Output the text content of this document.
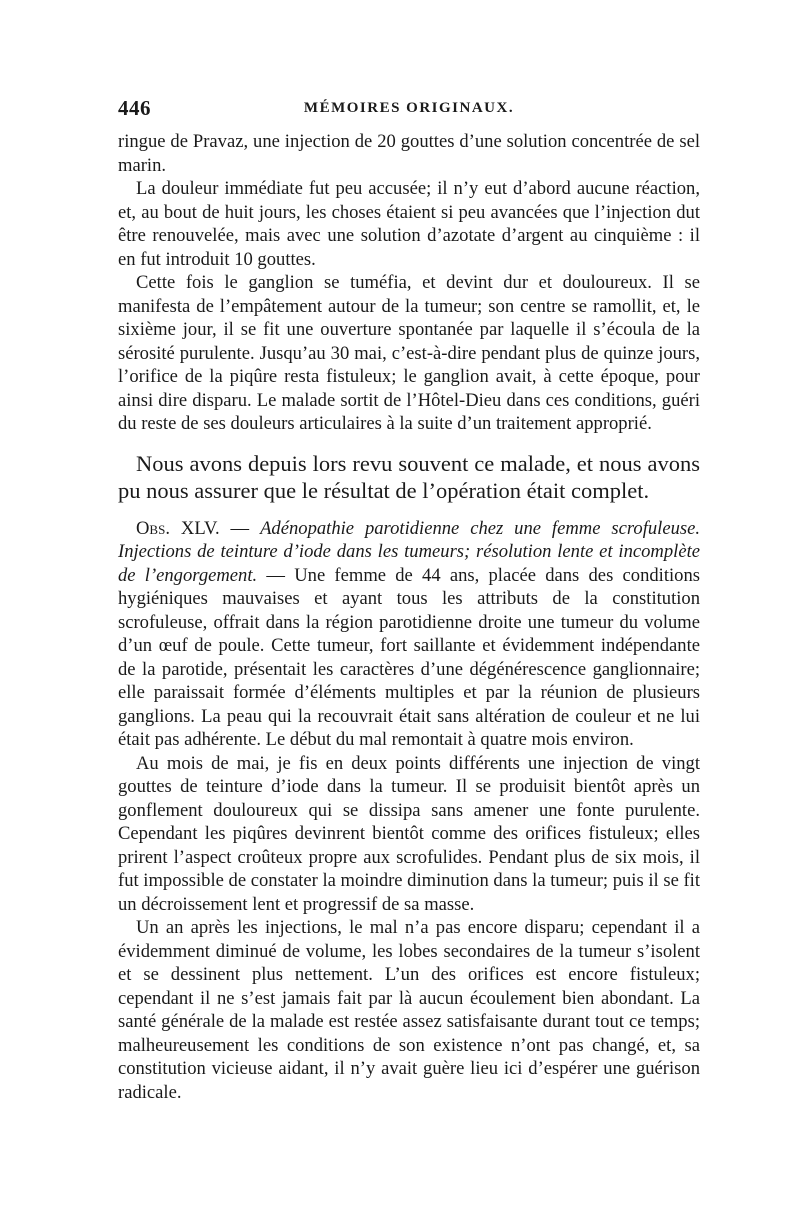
446	MÉMOIRES ORIGINAUX.

ringue de Pravaz, une injection de 20 gouttes d’une solution concentrée de sel marin.

La douleur immédiate fut peu accusée; il n’y eut d’abord aucune réaction, et, au bout de huit jours, les choses étaient si peu avancées que l’injection dut être renouvelée, mais avec une solution d’azotate d’argent au cinquième : il en fut introduit 10 gouttes.

Cette fois le ganglion se tuméfia, et devint dur et douloureux. Il se manifesta de l’empâtement autour de la tumeur; son centre se ramollit, et, le sixième jour, il se fit une ouverture spontanée par laquelle il s’écoula de la sérosité purulente. Jusqu’au 30 mai, c’est-à-dire pendant plus de quinze jours, l’orifice de la piqûre resta fistuleux; le ganglion avait, à cette époque, pour ainsi dire disparu. Le malade sortit de l’Hôtel-Dieu dans ces conditions, guéri du reste de ses douleurs articulaires à la suite d’un traitement approprié.

Nous avons depuis lors revu souvent ce malade, et nous avons pu nous assurer que le résultat de l’opération était complet.

Obs. XLV. — Adénopathie parotidienne chez une femme scrofuleuse. Injections de teinture d’iode dans les tumeurs; résolution lente et incomplète de l’engorgement. — Une femme de 44 ans, placée dans des conditions hygiéniques mauvaises et ayant tous les attributs de la constitution scrofuleuse, offrait dans la région parotidienne droite une tumeur du volume d’un œuf de poule. Cette tumeur, fort saillante et évidemment indépendante de la parotide, présentait les caractères d’une dégénérescence ganglionnaire; elle paraissait formée d’éléments multiples et par la réunion de plusieurs ganglions. La peau qui la recouvrait était sans altération de couleur et ne lui était pas adhérente. Le début du mal remontait à quatre mois environ.

Au mois de mai, je fis en deux points différents une injection de vingt gouttes de teinture d’iode dans la tumeur. Il se produisit bientôt après un gonflement douloureux qui se dissipa sans amener une fonte purulente. Cependant les piqûres devinrent bientôt comme des orifices fistuleux; elles prirent l’aspect croûteux propre aux scrofulides. Pendant plus de six mois, il fut impossible de constater la moindre diminution dans la tumeur; puis il se fit un décroissement lent et progressif de sa masse.

Un an après les injections, le mal n’a pas encore disparu; cependant il a évidemment diminué de volume, les lobes secondaires de la tumeur s’isolent et se dessinent plus nettement. L’un des orifices est encore fistuleux; cependant il ne s’est jamais fait par là aucun écoulement bien abondant. La santé générale de la malade est restée assez satisfaisante durant tout ce temps; malheureusement les conditions de son existence n’ont pas changé, et, sa constitution vicieuse aidant, il n’y avait guère lieu ici d’espérer une guérison radicale.
